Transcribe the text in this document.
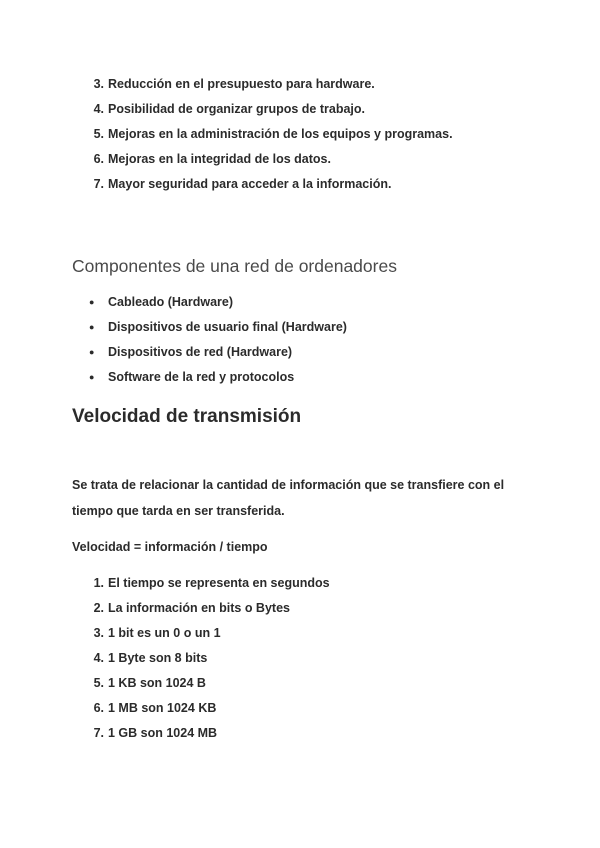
3. Reducción en el presupuesto para hardware.
4. Posibilidad de organizar grupos de trabajo.
5. Mejoras en la administración de los equipos y programas.
6. Mejoras en la integridad de los datos.
7. Mayor seguridad para acceder a la información.
Componentes de una red de ordenadores
● Cableado (Hardware)
● Dispositivos de usuario final (Hardware)
● Dispositivos de red (Hardware)
● Software de la red y protocolos
Velocidad de transmisión

Se trata de relacionar la cantidad de información que se transfiere con el tiempo que tarda en ser transferida.

Velocidad = información / tiempo

1. El tiempo se representa en segundos
2. La información en bits o Bytes
3. 1 bit es un 0 o un 1
4. 1 Byte son 8 bits
5. 1 KB son 1024 B
6. 1 MB son 1024 KB
7. 1 GB son 1024 MB
